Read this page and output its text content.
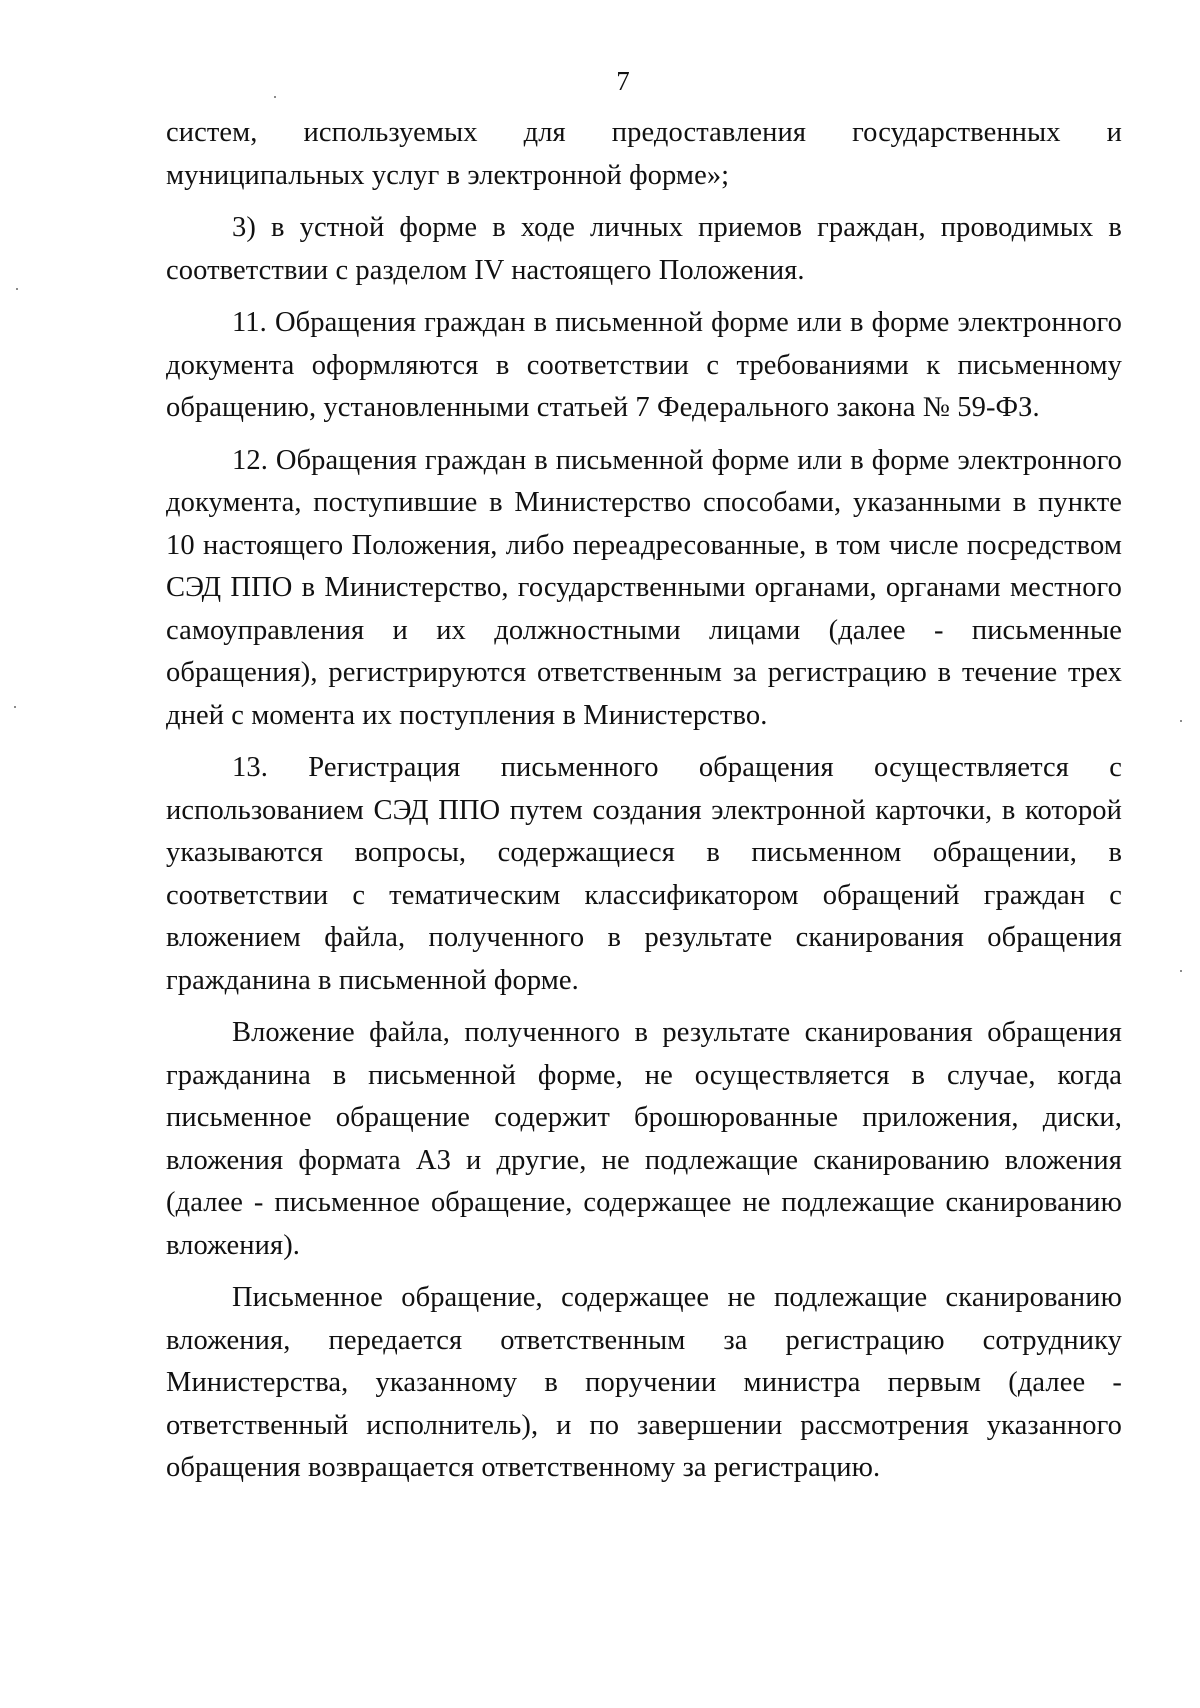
7

систем, используемых для предоставления государственных и муниципальных услуг в электронной форме»;

3) в устной форме в ходе личных приемов граждан, проводимых в соответствии с разделом IV настоящего Положения.

11. Обращения граждан в письменной форме или в форме электронного документа оформляются в соответствии с требованиями к письменному обращению, установленными статьей 7 Федерального закона № 59-ФЗ.

12. Обращения граждан в письменной форме или в форме электронного документа, поступившие в Министерство способами, указанными в пункте 10 настоящего Положения, либо переадресованные, в том числе посредством СЭД ППО в Министерство, государственными органами, органами местного самоуправления и их должностными лицами (далее - письменные обращения), регистрируются ответственным за регистрацию в течение трех дней с момента их поступления в Министерство.

13. Регистрация письменного обращения осуществляется с использованием СЭД ППО путем создания электронной карточки, в которой указываются вопросы, содержащиеся в письменном обращении, в соответствии с тематическим классификатором обращений граждан с вложением файла, полученного в результате сканирования обращения гражданина в письменной форме.

Вложение файла, полученного в результате сканирования обращения гражданина в письменной форме, не осуществляется в случае, когда письменное обращение содержит брошюрованные приложения, диски, вложения формата А3 и другие, не подлежащие сканированию вложения (далее - письменное обращение, содержащее не подлежащие сканированию вложения).

Письменное обращение, содержащее не подлежащие сканированию вложения, передается ответственным за регистрацию сотруднику Министерства, указанному в поручении министра первым (далее - ответственный исполнитель), и по завершении рассмотрения указанного обращения возвращается ответственному за регистрацию.
